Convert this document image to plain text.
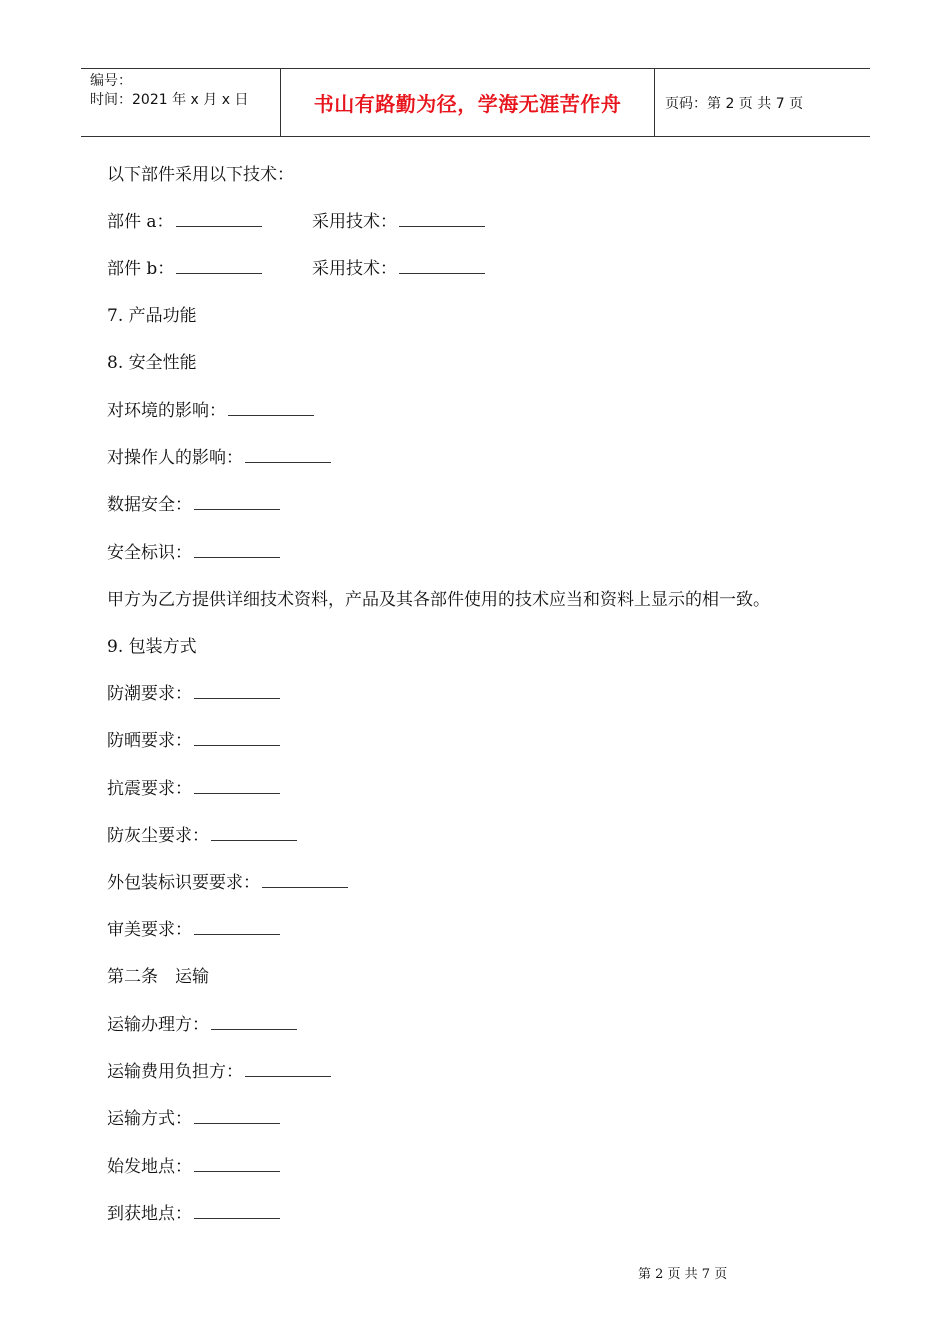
编号：
时间：2021 年 x 月 x 日	书山有路勤为径，学海无涯苦作舟	页码：第 2 页 共 7 页
以下部件采用以下技术：
部件 a：	采用技术：
部件 b：	采用技术：
7. 产品功能
8. 安全性能
对环境的影响：
对操作人的影响：
数据安全：
安全标识：
甲方为乙方提供详细技术资料，产品及其各部件使用的技术应当和资料上显示的相一致。
9. 包装方式
防潮要求：
防晒要求：
抗震要求：
防灰尘要求：
外包装标识要要求：
审美要求：
第二条　运输
运输办理方：
运输费用负担方：
运输方式：
始发地点：
到获地点：
第 2 页 共 7 页
